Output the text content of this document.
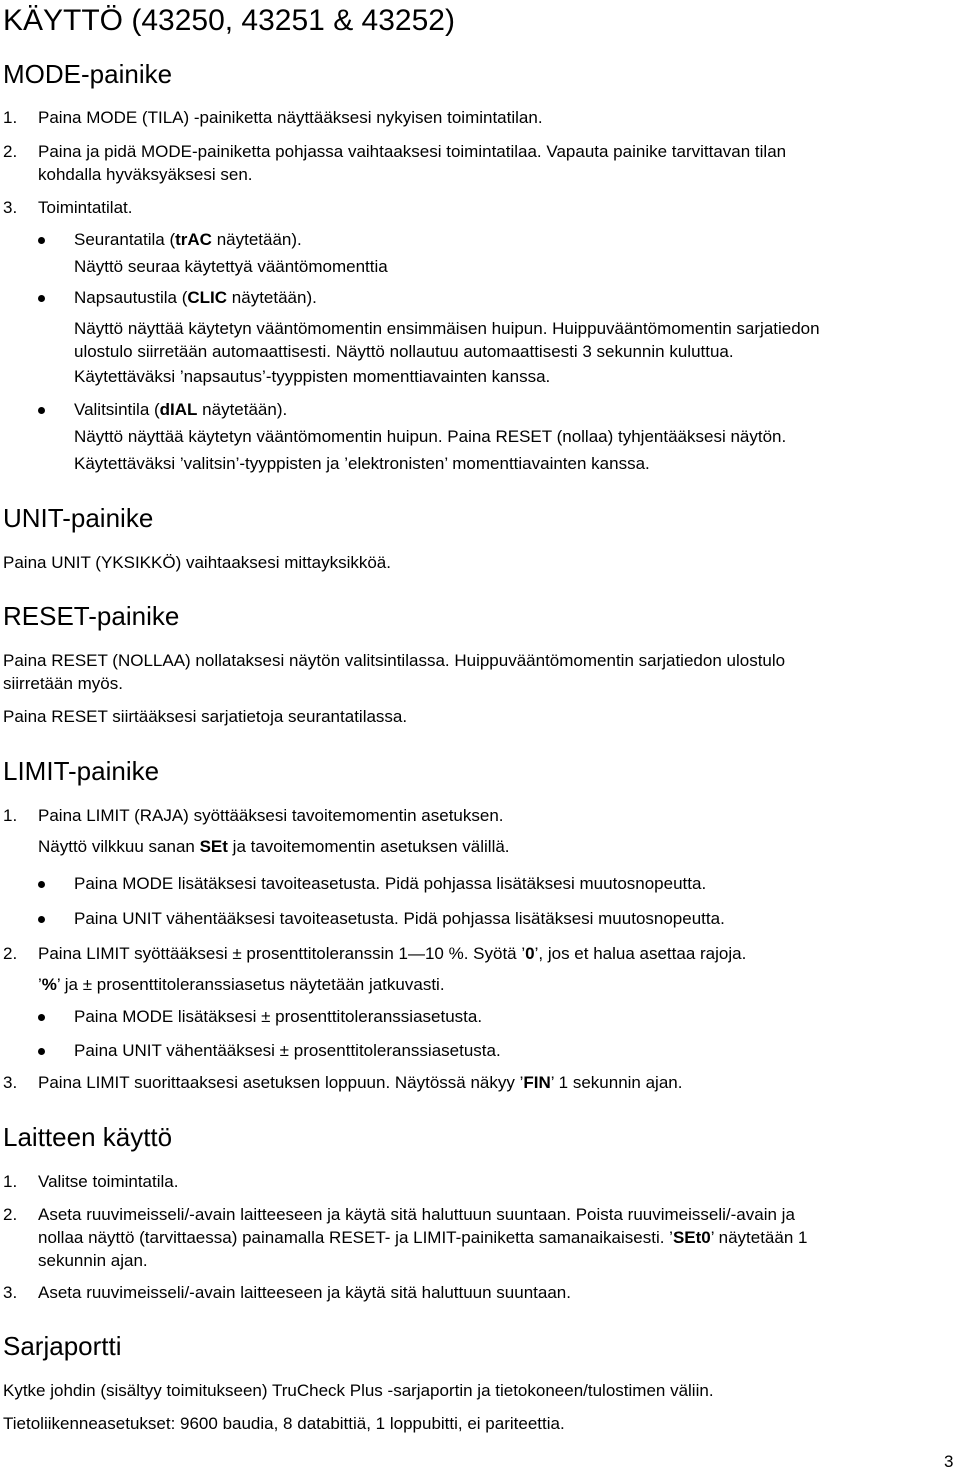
KÄYTTÖ (43250, 43251 & 43252)
MODE-painike
1. Paina MODE (TILA) -painiketta näyttääksesi nykyisen toimintatilan.
2. Paina ja pidä MODE-painiketta pohjassa vaihtaaksesi toimintatilaa. Vapauta painike tarvittavan tilan
kohdalla hyväksyäksesi sen.
3. Toimintatilat.
Seurantatila (trAC näytetään).
Näyttö seuraa käytettyä vääntömomenttia
Napsautustila (CLIC näytetään).
Näyttö näyttää käytetyn vääntömomentin ensimmäisen huipun. Huippuvääntömomentin sarjatiedon
ulostulo siirretään automaattisesti. Näyttö nollautuu automaattisesti 3 sekunnin kuluttua.
Käytettäväksi ’napsautus’-tyyppisten momenttiavainten kanssa.
Valitsintila (dIAL näytetään).
Näyttö näyttää käytetyn vääntömomentin huipun. Paina RESET (nollaa) tyhjentääksesi näytön.
Käytettäväksi ’valitsin’-tyyppisten ja ’elektronisten’ momenttiavainten kanssa.
UNIT-painike
Paina UNIT (YKSIKKÖ) vaihtaaksesi mittayksikköä.
RESET-painike
Paina RESET (NOLLAA) nollataksesi näytön valitsintilassa. Huippuvääntömomentin sarjatiedon ulostulo
siirretään myös.
Paina RESET siirtääksesi sarjatietoja seurantatilassa.
LIMIT-painike
1. Paina LIMIT (RAJA) syöttääksesi tavoitemomentin asetuksen.
Näyttö vilkkuu sanan SEt ja tavoitemomentin asetuksen välillä.
Paina MODE lisätäksesi tavoiteasetusta. Pidä pohjassa lisätäksesi muutosnopeutta.
Paina UNIT vähentääksesi tavoiteasetusta. Pidä pohjassa lisätäksesi muutosnopeutta.
2. Paina LIMIT syöttääksesi ± prosenttitoleranssin 1—10 %. Syötä ’0’, jos et halua asettaa rajoja.
’%’ ja ± prosenttitoleranssiasetus näytetään jatkuvasti.
Paina MODE lisätäksesi ± prosenttitoleranssiasetusta.
Paina UNIT vähentääksesi ± prosenttitoleranssiasetusta.
3. Paina LIMIT suorittaaksesi asetuksen loppuun. Näytössä näkyy ’FIN’ 1 sekunnin ajan.
Laitteen käyttö
1. Valitse toimintatila.
2. Aseta ruuvimeisseli/-avain laitteeseen ja käytä sitä haluttuun suuntaan. Poista ruuvimeisseli/-avain ja
nollaa näyttö (tarvittaessa) painamalla RESET- ja LIMIT-painiketta samanaikaisesti. ’SEt0’ näytetään 1
sekunnin ajan.
3. Aseta ruuvimeisseli/-avain laitteeseen ja käytä sitä haluttuun suuntaan.
Sarjaportti
Kytke johdin (sisältyy toimitukseen) TruCheck Plus -sarjaportin ja tietokoneen/tulostimen väliin.
Tietoliikenneasetukset: 9600 baudia, 8 databittiä, 1 loppubitti, ei pariteettia.
3
